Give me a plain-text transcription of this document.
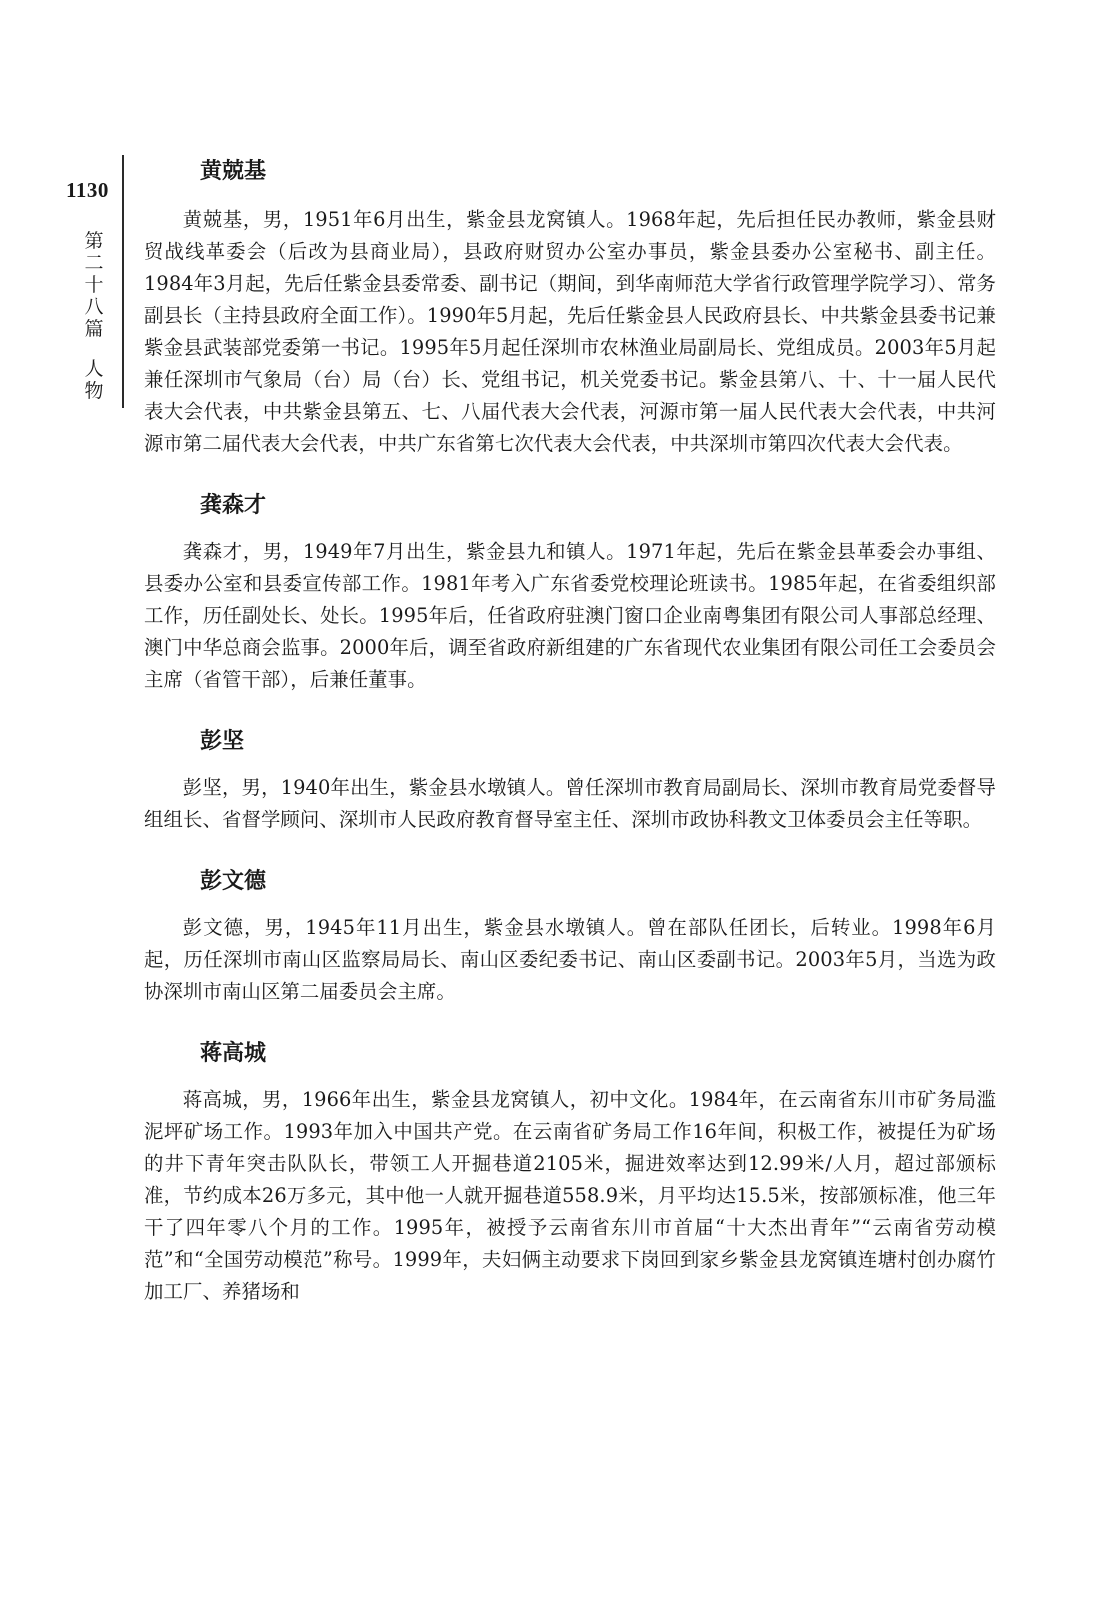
1130
第
二
十
八
篇
人
物
黄兢基

黄兢基，男，1951年6月出生，紫金县龙窝镇人。1968年起，先后担任民办教师，紫金县财贸战线革委会（后改为县商业局），县政府财贸办公室办事员，紫金县委办公室秘书、副主任。1984年3月起，先后任紫金县委常委、副书记（期间，到华南师范大学省行政管理学院学习）、常务副县长（主持县政府全面工作）。1990年5月起，先后任紫金县人民政府县长、中共紫金县委书记兼紫金县武装部党委第一书记。1995年5月起任深圳市农林渔业局副局长、党组成员。2003年5月起兼任深圳市气象局（台）局（台）长、党组书记，机关党委书记。紫金县第八、十、十一届人民代表大会代表，中共紫金县第五、七、八届代表大会代表，河源市第一届人民代表大会代表，中共河源市第二届代表大会代表，中共广东省第七次代表大会代表，中共深圳市第四次代表大会代表。

龚森才

龚森才，男，1949年7月出生，紫金县九和镇人。1971年起，先后在紫金县革委会办事组、县委办公室和县委宣传部工作。1981年考入广东省委党校理论班读书。1985年起，在省委组织部工作，历任副处长、处长。1995年后，任省政府驻澳门窗口企业南粤集团有限公司人事部总经理、澳门中华总商会监事。2000年后，调至省政府新组建的广东省现代农业集团有限公司任工会委员会主席（省管干部），后兼任董事。

彭坚

彭坚，男，1940年出生，紫金县水墩镇人。曾任深圳市教育局副局长、深圳市教育局党委督导组组长、省督学顾问、深圳市人民政府教育督导室主任、深圳市政协科教文卫体委员会主任等职。

彭文德

彭文德，男，1945年11月出生，紫金县水墩镇人。曾在部队任团长，后转业。1998年6月起，历任深圳市南山区监察局局长、南山区委纪委书记、南山区委副书记。2003年5月，当选为政协深圳市南山区第二届委员会主席。

蒋高城

蒋高城，男，1966年出生，紫金县龙窝镇人，初中文化。1984年，在云南省东川市矿务局滥泥坪矿场工作。1993年加入中国共产党。在云南省矿务局工作16年间，积极工作，被提任为矿场的井下青年突击队队长，带领工人开掘巷道2105米，掘进效率达到12.99米/人月，超过部颁标准，节约成本26万多元，其中他一人就开掘巷道558.9米，月平均达15.5米，按部颁标准，他三年干了四年零八个月的工作。1995年，被授予云南省东川市首届“十大杰出青年”“云南省劳动模范”和“全国劳动模范”称号。1999年，夫妇俩主动要求下岗回到家乡紫金县龙窝镇连塘村创办腐竹加工厂、养猪场和
